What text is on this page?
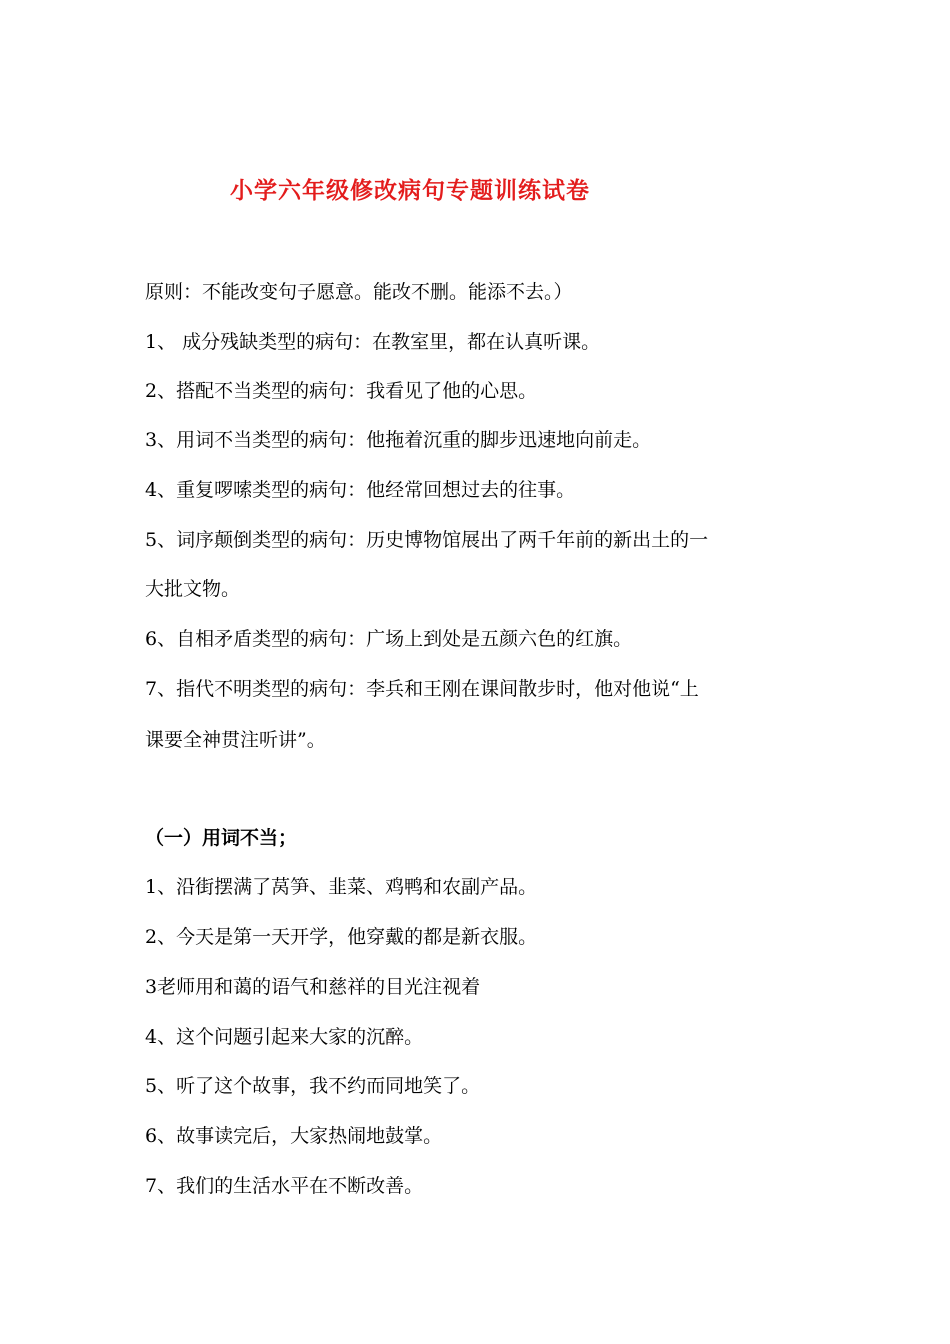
小学六年级修改病句专题训练试卷
原则：不能改变句子愿意。能改不删。能添不去。）
1、 成分残缺类型的病句：在教室里，都在认真听课。
2、搭配不当类型的病句：我看见了他的心思。
3、用词不当类型的病句：他拖着沉重的脚步迅速地向前走。
4、重复啰嗦类型的病句：他经常回想过去的往事。
5、词序颠倒类型的病句：历史博物馆展出了两千年前的新出土的一
大批文物。
6、自相矛盾类型的病句：广场上到处是五颜六色的红旗。
7、指代不明类型的病句：李兵和王刚在课间散步时，他对他说“上
课要全神贯注听讲”。
（一）用词不当；
1、沿街摆满了莴笋、韭菜、鸡鸭和农副产品。
2、今天是第一天开学，他穿戴的都是新衣服。
3老师用和蔼的语气和慈祥的目光注视着
4、这个问题引起来大家的沉醉。
5、听了这个故事，我不约而同地笑了。
6、故事读完后，大家热闹地鼓掌。
7、我们的生活水平在不断改善。
